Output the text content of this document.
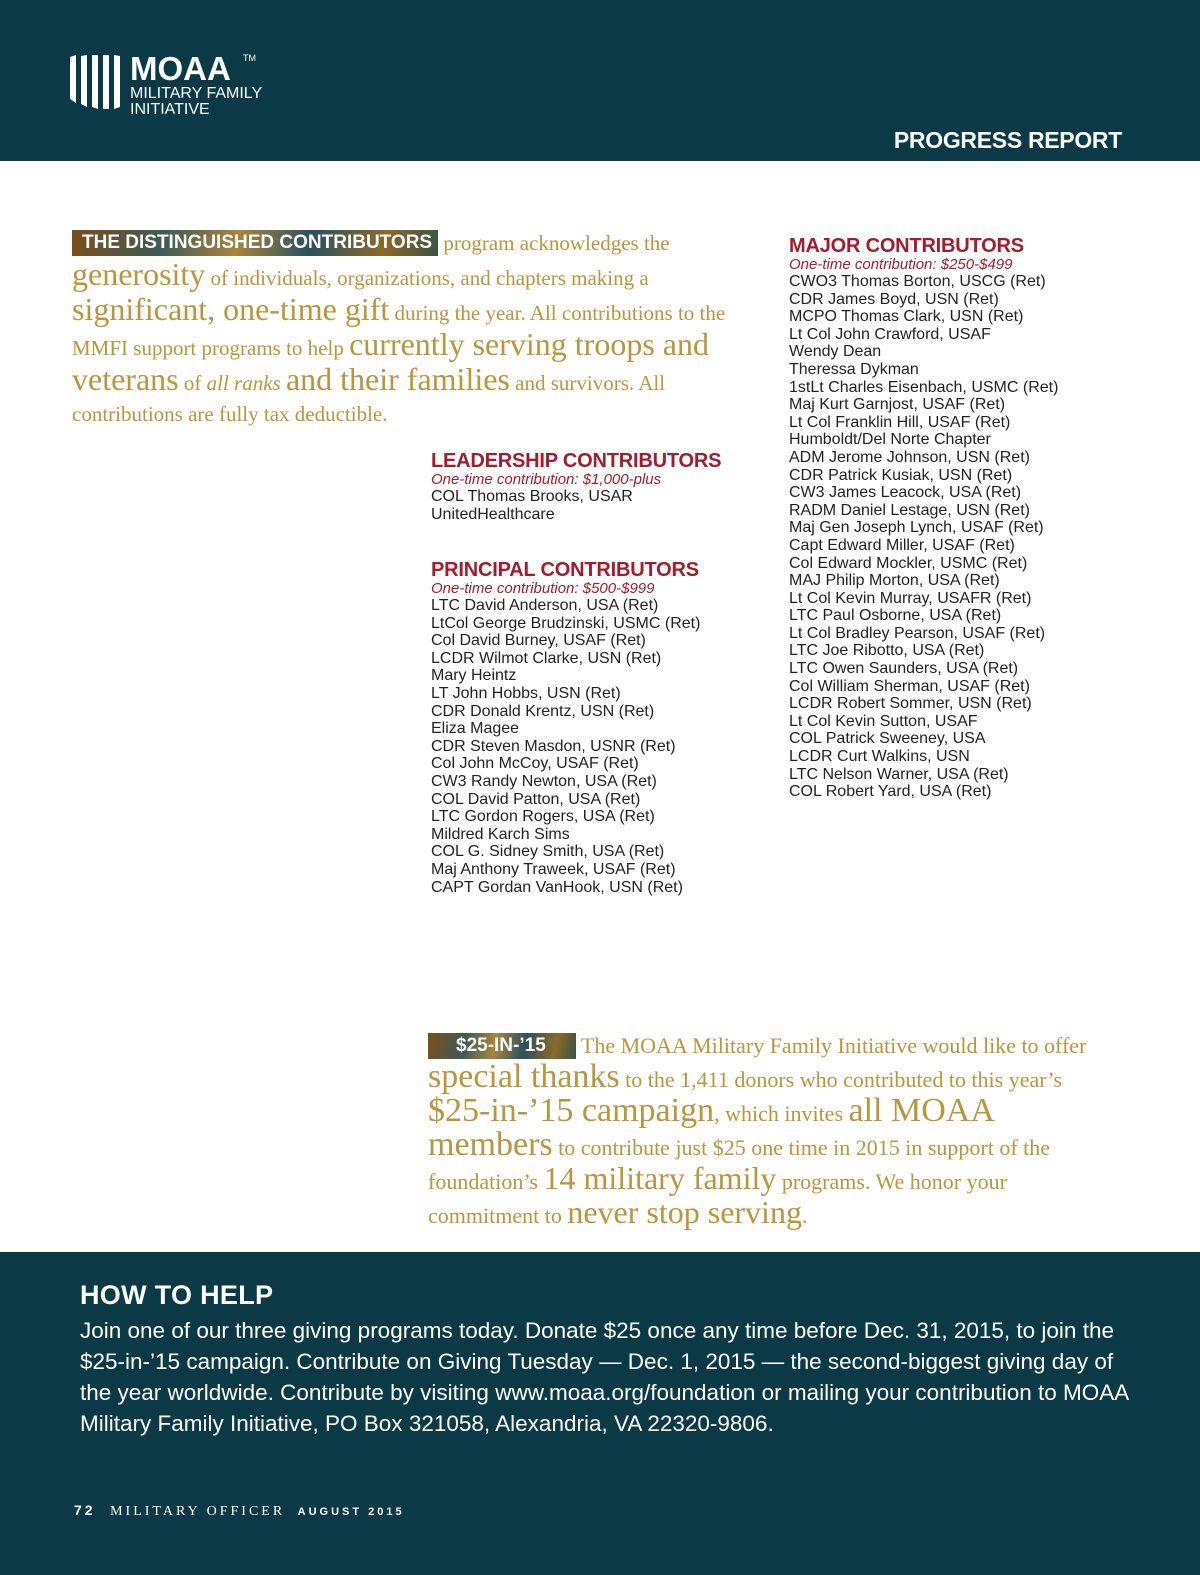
MOAA TM
MILITARY FAMILY
INITIATIVE
PROGRESS REPORT
THE DISTINGUISHED CONTRIBUTORS program acknowledges the generosity of individuals, organizations, and chapters making a significant, one-time gift during the year. All contributions to the MMFI support programs to help currently serving troops and veterans of all ranks and their families and survivors. All contributions are fully tax deductible.
LEADERSHIP CONTRIBUTORS
One-time contribution: $1,000-plus
COL Thomas Brooks, USAR
UnitedHealthcare
PRINCIPAL CONTRIBUTORS
One-time contribution: $500-$999
LTC David Anderson, USA (Ret)
LtCol George Brudzinski, USMC (Ret)
Col David Burney, USAF (Ret)
LCDR Wilmot Clarke, USN (Ret)
Mary Heintz
LT John Hobbs, USN (Ret)
CDR Donald Krentz, USN (Ret)
Eliza Magee
CDR Steven Masdon, USNR (Ret)
Col John McCoy, USAF (Ret)
CW3 Randy Newton, USA (Ret)
COL David Patton, USA (Ret)
LTC Gordon Rogers, USA (Ret)
Mildred Karch Sims
COL G. Sidney Smith, USA (Ret)
Maj Anthony Traweek, USAF (Ret)
CAPT Gordan VanHook, USN (Ret)
MAJOR CONTRIBUTORS
One-time contribution: $250-$499
CWO3 Thomas Borton, USCG (Ret)
CDR James Boyd, USN (Ret)
MCPO Thomas Clark, USN (Ret)
Lt Col John Crawford, USAF
Wendy Dean
Theressa Dykman
1stLt Charles Eisenbach, USMC (Ret)
Maj Kurt Garnjost, USAF (Ret)
Lt Col Franklin Hill, USAF (Ret)
Humboldt/Del Norte Chapter
ADM Jerome Johnson, USN (Ret)
CDR Patrick Kusiak, USN (Ret)
CW3 James Leacock, USA (Ret)
RADM Daniel Lestage, USN (Ret)
Maj Gen Joseph Lynch, USAF (Ret)
Capt Edward Miller, USAF (Ret)
Col Edward Mockler, USMC (Ret)
MAJ Philip Morton, USA (Ret)
Lt Col Kevin Murray, USAFR (Ret)
LTC Paul Osborne, USA (Ret)
Lt Col Bradley Pearson, USAF (Ret)
LTC Joe Ribotto, USA (Ret)
LTC Owen Saunders, USA (Ret)
Col William Sherman, USAF (Ret)
LCDR Robert Sommer, USN (Ret)
Lt Col Kevin Sutton, USAF
COL Patrick Sweeney, USA
LCDR Curt Walkins, USN
LTC Nelson Warner, USA (Ret)
COL Robert Yard, USA (Ret)
$25-IN-’15 The MOAA Military Family Initiative would like to offer special thanks to the 1,411 donors who contributed to this year’s $25-in-’15 campaign, which invites all MOAA members to contribute just $25 one time in 2015 in support of the foundation’s 14 military family programs. We honor your commitment to never stop serving.
HOW TO HELP
Join one of our three giving programs today. Donate $25 once any time before Dec. 31, 2015, to join the $25-in-’15 campaign. Contribute on Giving Tuesday — Dec. 1, 2015 — the second-biggest giving day of the year worldwide. Contribute by visiting www.moaa.org/foundation or mailing your contribution to MOAA Military Family Initiative, PO Box 321058, Alexandria, VA 22320-9806.
72 MILITARY OFFICER AUGUST 2015
